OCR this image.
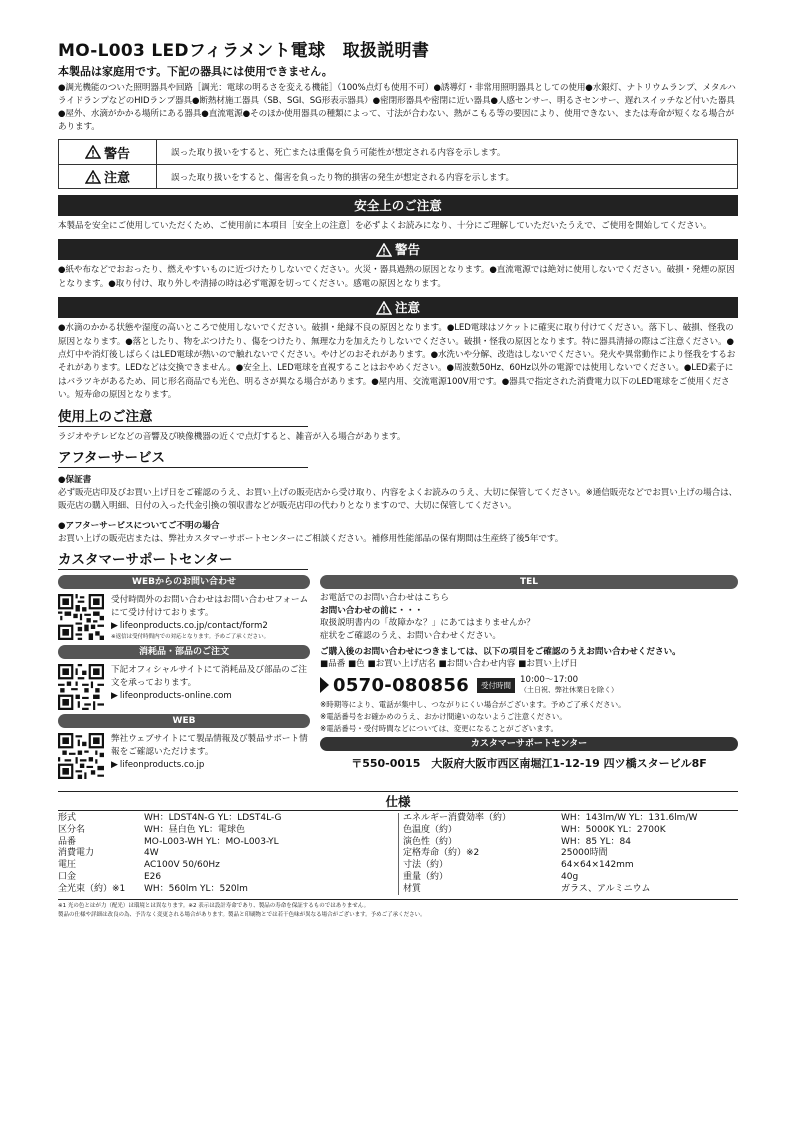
MO-L003 LEDフィラメント電球　取扱説明書
本製品は家庭用です。下記の器具には使用できません。
●調光機能のついた照明器具や回路［調光：電球の明るさを変える機能］（100%点灯も使用不可）●誘導灯・非常用照明器具としての使用●水銀灯、ナトリウムランプ、メタルハライドランプなどのHIDランプ器具●断熱材施工器具（SB、SGI、SG形表示器具）●密閉形器具や密閉に近い器具●人感センサー、明るさセンサー、遅れスイッチなど付いた器具●屋外、水滴がかかる場所にある器具●直流電源●そのほか使用器具の種類によって、寸法が合わない、熱がこもる等の要因により、使用できない、または寿命が短くなる場合があります。
警告	誤った取り扱いをすると、死亡または重傷を負う可能性が想定される内容を示します。
注意	誤った取り扱いをすると、傷害を負ったり物的損害の発生が想定される内容を示します。
安全上のご注意
本製品を安全にご使用していただくため、ご使用前に本項目［安全上の注意］を必ずよくお読みになり、十分にご理解していただいたうえで、ご使用を開始してください。
警告
●紙や布などでおおったり、燃えやすいものに近づけたりしないでください。火災・器具過熱の原因となります。●直流電源では絶対に使用しないでください。破損・発煙の原因となります。●取り付け、取り外しや清掃の時は必ず電源を切ってください。感電の原因となります。
注意
●水滴のかかる状態や湿度の高いところで使用しないでください。破損・絶縁不良の原因となります。●LED電球はソケットに確実に取り付けてください。落下し、破損、怪我の原因となります。●落としたり、物をぶつけたり、傷をつけたり、無理な力を加えたりしないでください。破損・怪我の原因となります。特に器具清掃の際はご注意ください。●点灯中や消灯後しばらくはLED電球が熱いので触れないでください。やけどのおそれがあります。●水洗いや分解、改造はしないでください。発火や異常動作により怪我をするおそれがあります。LEDなどは交換できません。●安全上、LED電球を直視することはおやめください。●周波数50Hz、60Hz以外の電源では使用しないでください。●LED素子にはバラツキがあるため、同じ形名商品でも光色、明るさが異なる場合があります。●屋内用、交流電源100V用です。●器具で指定された消費電力以下のLED電球をご使用ください。短寿命の原因となります。
使用上のご注意
ラジオやテレビなどの音響及び映像機器の近くで点灯すると、雑音が入る場合があります。
アフターサービス
●保証書
必ず販売店印及びお買い上げ日をご確認のうえ、お買い上げの販売店から受け取り、内容をよくお読みのうえ、大切に保管してください。※通信販売などでお買い上げの場合は、販売店の購入明細、日付の入った代金引換の領収書などが販売店印の代わりとなりますので、大切に保管してください。
●アフターサービスについてご不明の場合
お買い上げの販売店または、弊社カスタマーサポートセンターにご相談ください。補修用性能部品の保有期間は生産終了後5年です。
カスタマーサポートセンター
WEBからのお問い合わせ
受付時間外のお問い合わせはお問い合わせフォームにて受け付けております。
▶ lifeonproducts.co.jp/contact/form2
※返信は受付時間内での対応となります。予めご了承ください。
消耗品・部品のご注文
下記オフィシャルサイトにて消耗品及び部品のご注文を承っております。
▶ lifeonproducts-online.com
WEB
弊社ウェブサイトにて製品情報及び製品サポート情報をご確認いただけます。
▶ lifeonproducts.co.jp
TEL
お電話でのお問い合わせはこちら
お問い合わせの前に・・・
取扱説明書内の「故障かな？」にあてはまりませんか？
症状をご確認のうえ、お問い合わせください。
ご購入後のお問い合わせにつきましては、以下の項目をご確認のうえお問い合わせください。
■品番 ■色 ■お買い上げ店名 ■お問い合わせ内容 ■お買い上げ日
0570-080856	受付時間	10:00～17:00
（土日祝、弊社休業日を除く）
※時期等により、電話が集中し、つながりにくい場合がございます。予めご了承ください。
※電話番号をお確かめのうえ、おかけ間違いのないようご注意ください。
※電話番号・受付時間などについては、変更になることがございます。
カスタマーサポートセンター
〒550-0015　大阪府大阪市西区南堀江1-12-19 四ツ橋スタービル8F
仕様
形式	WH：LDST4N-G YL：LDST4L-G
区分名	WH：昼白色 YL：電球色
品番	MO-L003-WH YL：MO-L003-YL
消費電力	4W
電圧	AC100V 50/60Hz
口金	E26
全光束（約）※1	WH：560lm YL：520lm
エネルギー消費効率（約）	WH：143lm/W YL：131.6lm/W
色温度（約）	WH：5000K YL：2700K
演色性（約）	WH：85 YL：84
定格寿命（約）※2	25000時間
寸法（約）	64×64×142mm
重量（約）	40g
材質	ガラス、アルミニウム
※1 光の色とはが力（配光）は環境とは異なります。※2 表示は設計寿命であり、製品の寿命を保証するものではありません。
製品の仕様や詳細は改良の為、予告なく変更される場合があります。製品と印刷物とでは若干色味が異なる場合がございます。予めご了承ください。
